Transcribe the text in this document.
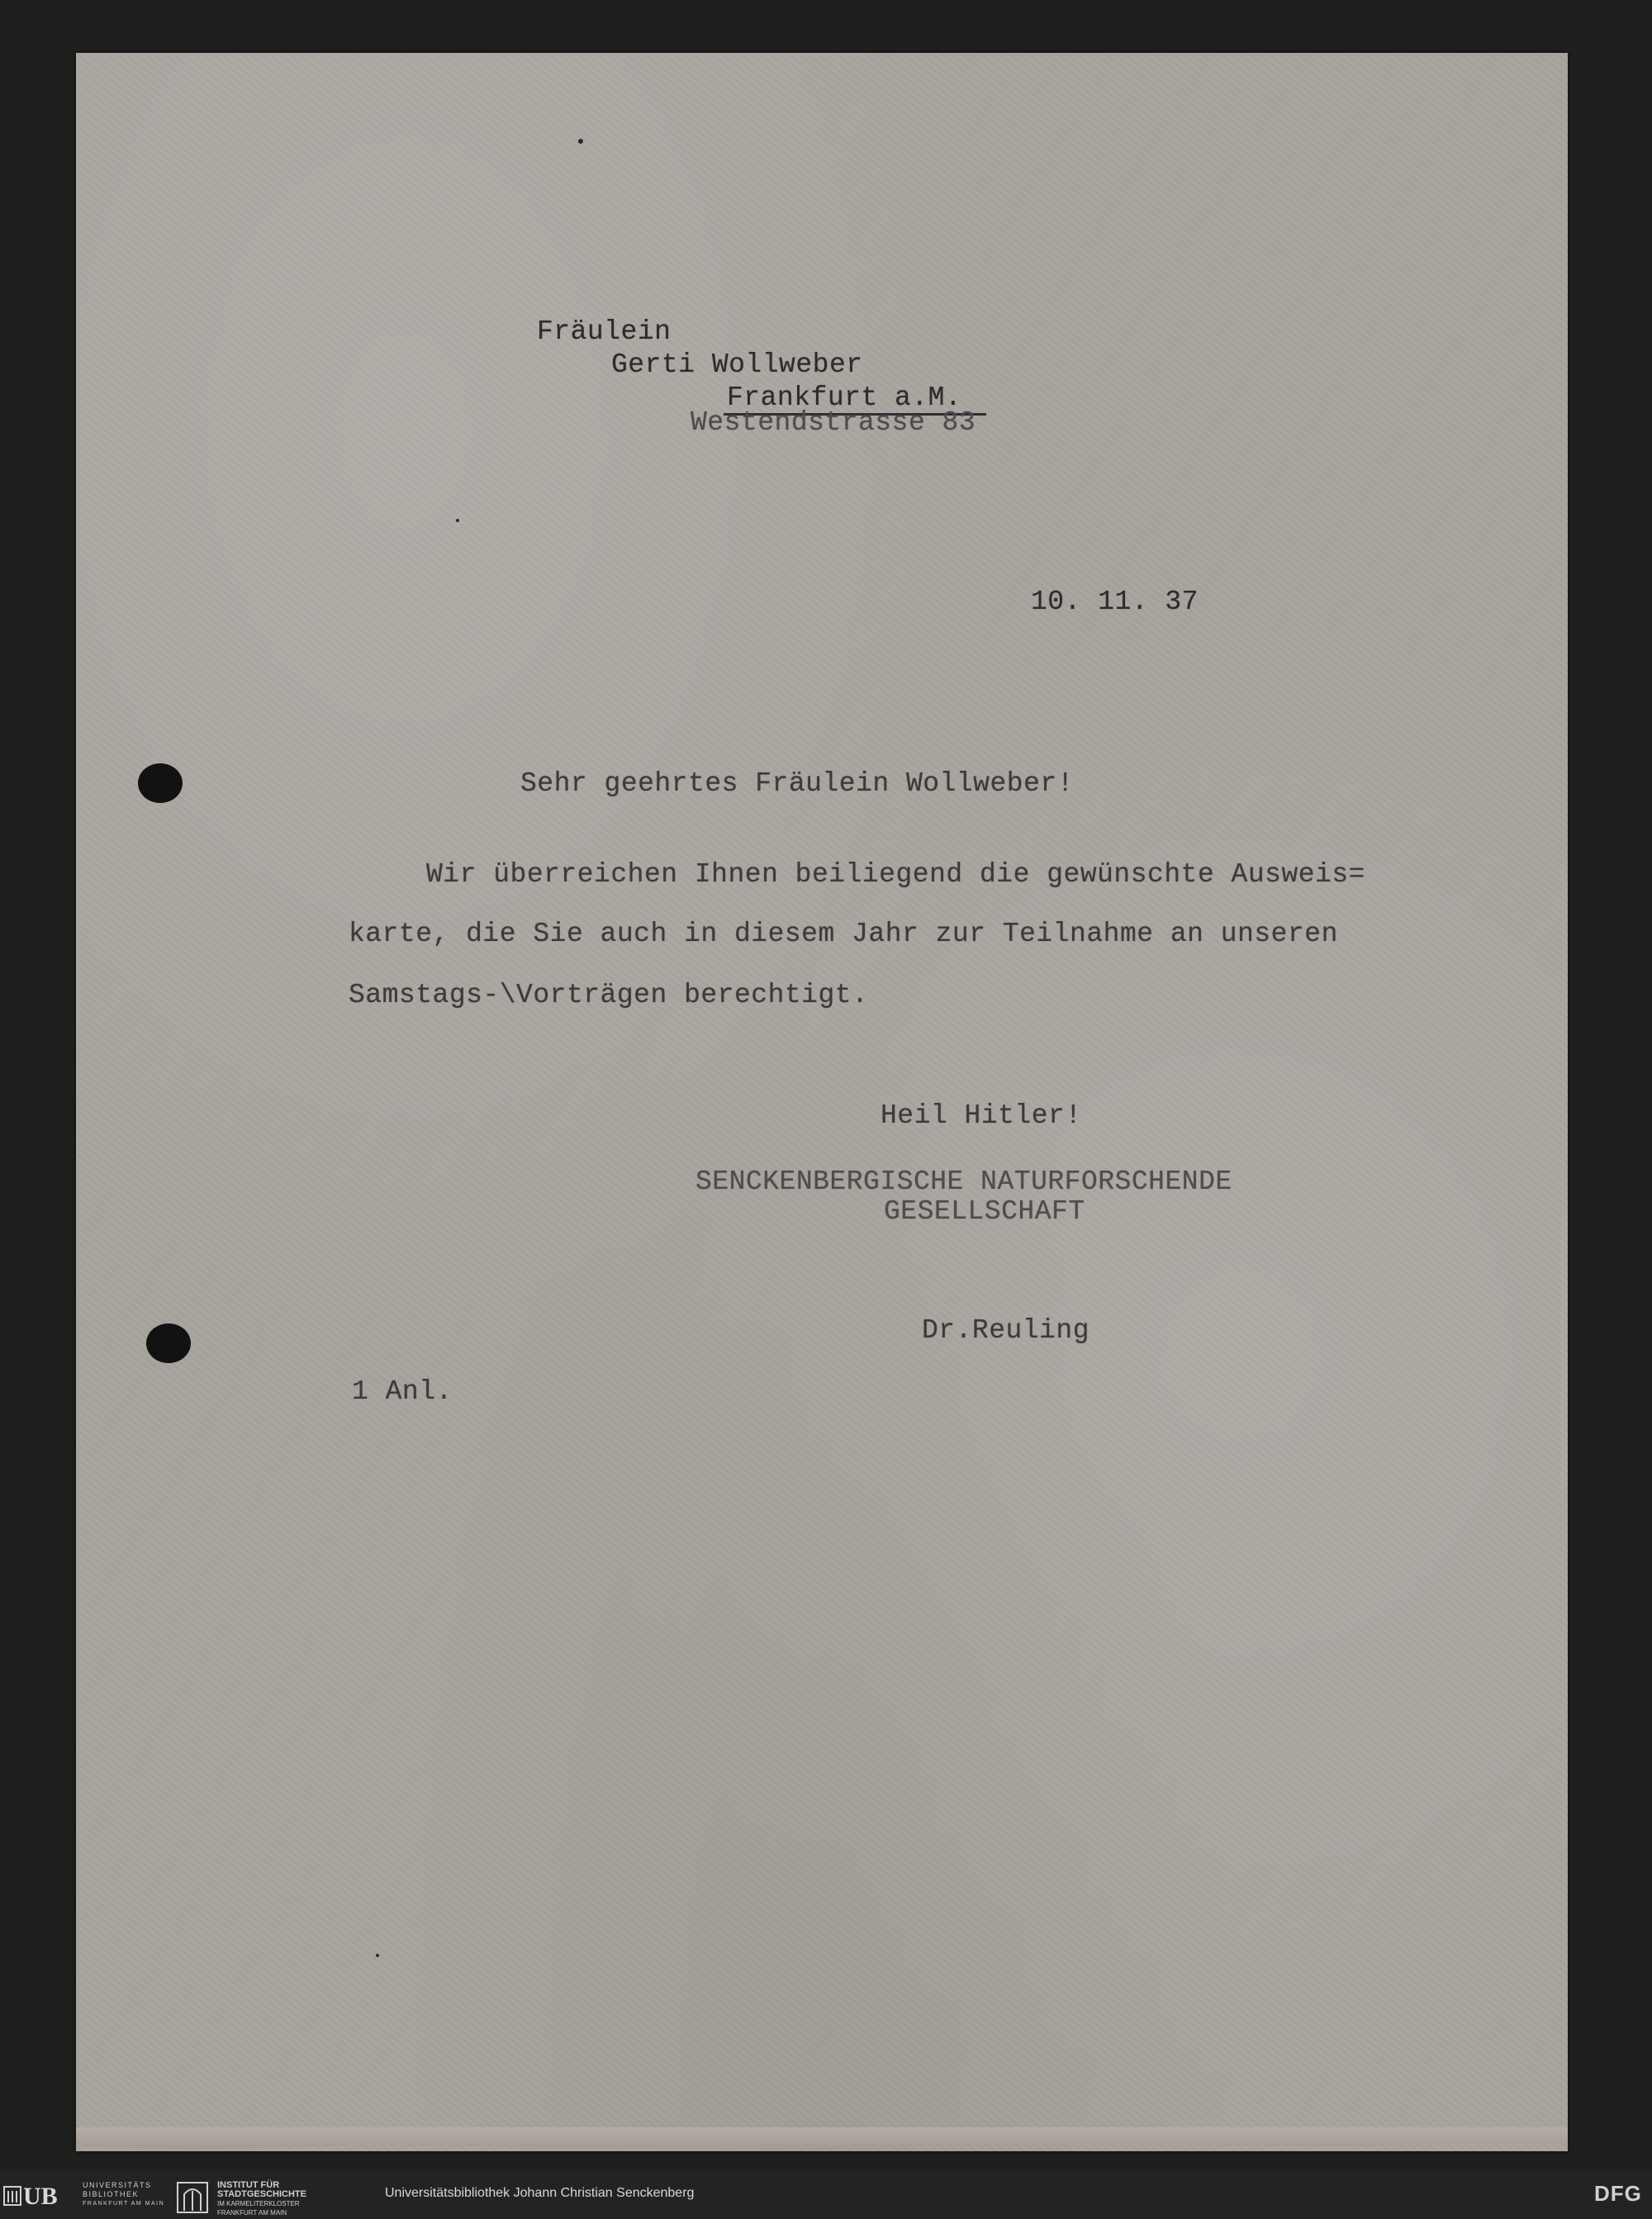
Fräulein
Gerti Wollweber
Frankfurt a.M.
Westendstrasse 83
10. 11. 37
Sehr geehrtes Fräulein Wollweber!
Wir überreichen Ihnen beiliegend die gewünschte Ausweis=
karte, die Sie auch in diesem Jahr zur Teilnahme an unseren
Samstags-\Vorträgen berechtigt.
Heil Hitler!
SENCKENBERGISCHE NATURFORSCHENDE
GESELLSCHAFT
Dr.Reuling
1 Anl.
UB	UNIVERSITÄTS
BIBLIOTHEK
FRANKFURT AM MAIN
INSTITUT FÜR
STADTGESCHICHTE
IM KARMELITERKLOSTER
FRANKFURT AM MAIN
Universitätsbibliothek Johann Christian Senckenberg	DFG
